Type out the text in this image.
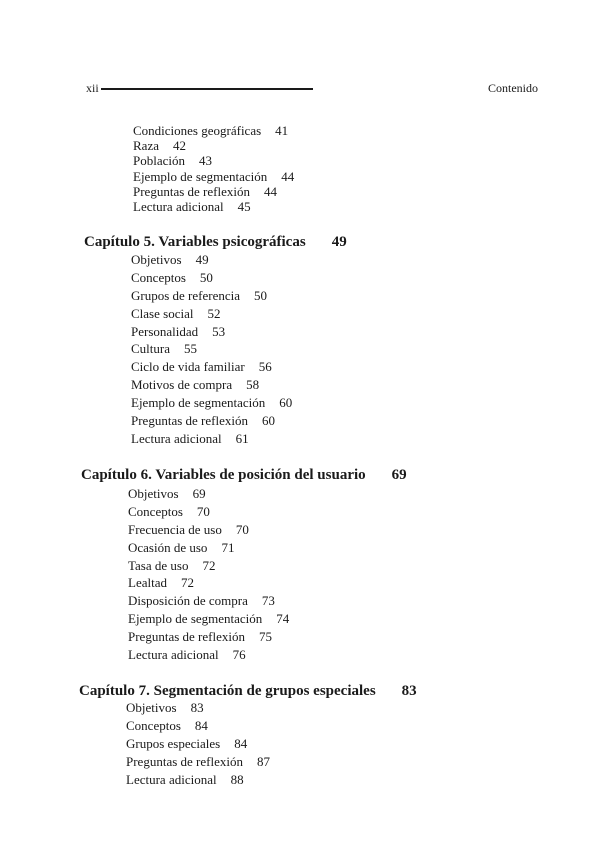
xii	Contenido
Condiciones geográficas 41
Raza 42
Población 43
Ejemplo de segmentación 44
Preguntas de reflexión 44
Lectura adicional 45
Capítulo 5. Variables psicográficas 49
Objetivos 49
Conceptos 50
Grupos de referencia 50
Clase social 52
Personalidad 53
Cultura 55
Ciclo de vida familiar 56
Motivos de compra 58
Ejemplo de segmentación 60
Preguntas de reflexión 60
Lectura adicional 61
Capítulo 6. Variables de posición del usuario 69
Objetivos 69
Conceptos 70
Frecuencia de uso 70
Ocasión de uso 71
Tasa de uso 72
Lealtad 72
Disposición de compra 73
Ejemplo de segmentación 74
Preguntas de reflexión 75
Lectura adicional 76
Capítulo 7. Segmentación de grupos especiales 83
Objetivos 83
Conceptos 84
Grupos especiales 84
Preguntas de reflexión 87
Lectura adicional 88
